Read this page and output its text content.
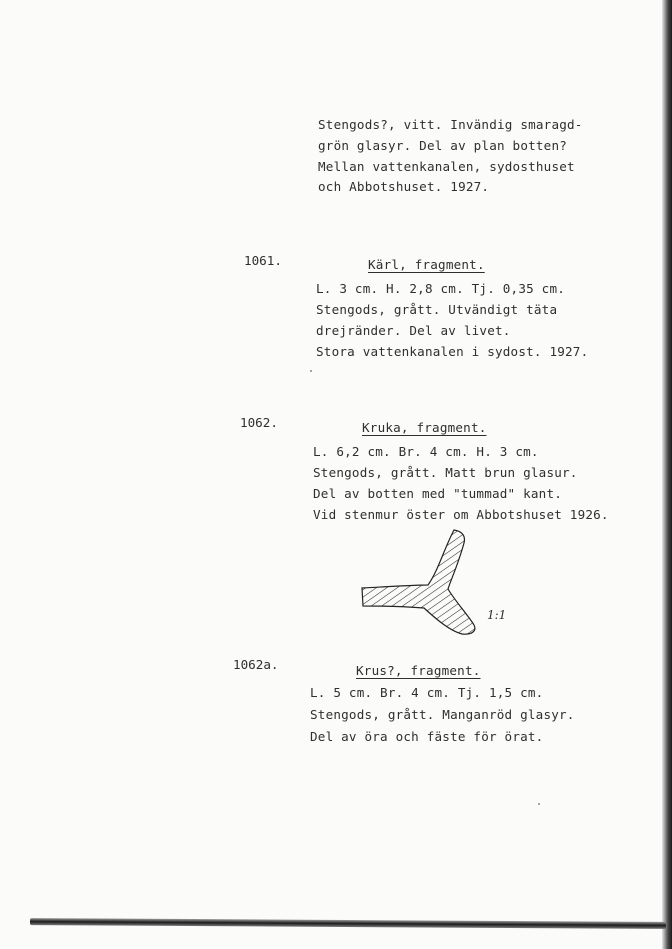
Stengods?, vitt. Invändig smaragd-
grön glasyr. Del av plan botten?
Mellan vattenkanalen, sydosthuset
och Abbotshuset. 1927.
1061.	Kärl, fragment.
L. 3 cm. H. 2,8 cm. Tj. 0,35 cm.
Stengods, grått. Utvändigt täta
drejränder. Del av livet.
Stora vattenkanalen i sydost. 1927.
1062.	Kruka, fragment.
L. 6,2 cm. Br. 4 cm. H. 3 cm.
Stengods, grått. Matt brun glasur.
Del av botten med "tummad" kant.
Vid stenmur öster om Abbotshuset 1926.
1:1
1062a.	Krus?, fragment.
L. 5 cm. Br. 4 cm. Tj. 1,5 cm.
Stengods, grått. Manganröd glasyr.
Del av öra och fäste för örat.
